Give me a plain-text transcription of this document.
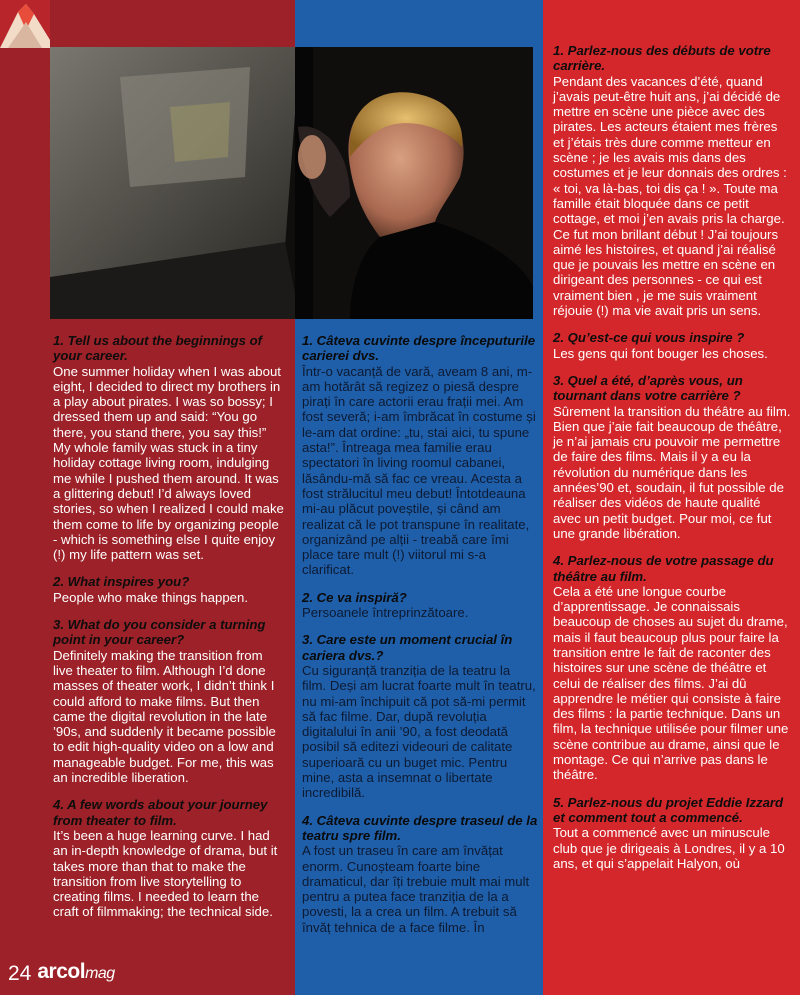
1. Tell us about the beginnings of your career.

One summer holiday when I was about eight, I decided to direct my brothers in a play about pirates. I was so bossy; I dressed them up and said: “You go there, you stand there, you say this!” My whole family was stuck in a tiny holiday cottage living room, indulging me while I pushed them around. It was a glittering debut! I’d always loved stories, so when I realized I could make them come to life by organizing people - which is something else I quite enjoy (!) my life pattern was set.

2. What inspires you?

People who make things happen.

3. What do you consider a turning point in your career?

Definitely making the transition from live theater to film. Although I’d done masses of theater work, I didn’t think I could afford to make films. But then came the digital revolution in the late ’90s, and suddenly it became possible to edit high-quality video on a low and manageable budget. For me, this was an incredible liberation.

4. A few words about your journey from theater to film.

It’s been a huge learning curve. I had an in-depth knowledge of drama, but it takes more than that to make the transition from live storytelling to creating films. I needed to learn the craft of filmmaking; the technical side.

1. Câteva cuvinte despre începuturile carierei dvs.

Într-o vacanță de vară, aveam 8 ani, m-am hotărât să regizez o piesă despre pirați în care actorii erau frații mei. Am fost severă; i-am îmbrăcat în costume și le-am dat ordine: „tu, stai aici, tu spune asta!”. Întreaga mea familie erau spectatori în living roomul cabanei, lăsându-mă să fac ce vreau. Acesta a fost strălucitul meu debut! Întotdeauna mi-au plăcut poveștile, și când am realizat că le pot transpune în realitate, organizând pe alții - treabă care îmi place tare mult (!) viitorul mi s-a clarificat.

2. Ce va inspiră?

Persoanele întreprinzătoare.

3. Care este un moment crucial în cariera dvs.?

Cu siguranță tranziția de la teatru la film. Deși am lucrat foarte mult în teatru, nu mi-am închipuit că pot să-mi permit să fac filme. Dar, după revoluția digitalului în anii ’90, a fost deodată posibil să editezi videouri de calitate superioară cu un buget mic. Pentru mine, asta a insemnat o libertate incredibilă.

4. Câteva cuvinte despre traseul de la teatru spre film.

A fost un traseu în care am învățat enorm. Cunoșteam foarte bine dramaticul, dar îți trebuie mult mai mult pentru a putea face tranziția de la a povesti, la a crea un film. A trebuit să învăț tehnica de a face filme. În

1. Parlez-nous des débuts de votre carrière.

Pendant des vacances d’été, quand j’avais peut-être huit ans, j’ai décidé de mettre en scène une pièce avec des pirates. Les acteurs étaient mes frères et j’étais très dure comme metteur en scène ; je les avais mis dans des costumes et je leur donnais des ordres : « toi, va là-bas, toi dis ça ! ». Toute ma famille était bloquée dans ce petit cottage, et moi j’en avais pris la charge. Ce fut mon brillant début ! J’ai toujours aimé les histoires, et quand j’ai réalisé que je pouvais les mettre en scène en dirigeant des personnes - ce qui est vraiment bien , je me suis vraiment réjouie (!) ma vie avait pris un sens.

2. Qu’est-ce qui vous inspire ?

Les gens qui font bouger les choses.

3. Quel a été, d’après vous, un tournant dans votre carrière ?

Sûrement la transition du théâtre au film. Bien que j’aie fait beaucoup de théâtre, je n’ai jamais cru pouvoir me permettre de faire des films. Mais il y a eu la révolution du numérique dans les années’90 et, soudain, il fut possible de réaliser des vidéos de haute qualité avec un petit budget. Pour moi, ce fut une grande libération.

4. Parlez-nous de votre passage du théâtre au film.

Cela a été une longue courbe d’apprentissage. Je connaissais beaucoup de choses au sujet du drame, mais il faut beaucoup plus pour faire la transition entre le fait de raconter des histoires sur une scène de théâtre et celui de réaliser des films. J’ai dû apprendre le métier qui consiste à faire des films : la partie technique. Dans un film, la technique utilisée pour filmer une scène contribue au drame, ainsi que le montage. Ce qui n’arrive pas dans le théâtre.

5. Parlez-nous du projet Eddie Izzard et comment tout a commencé.

Tout a commencé avec un minuscule club que je dirigeais à Londres, il y a 10 ans, et qui s’appelait Halyon, où

24 arcolmag
